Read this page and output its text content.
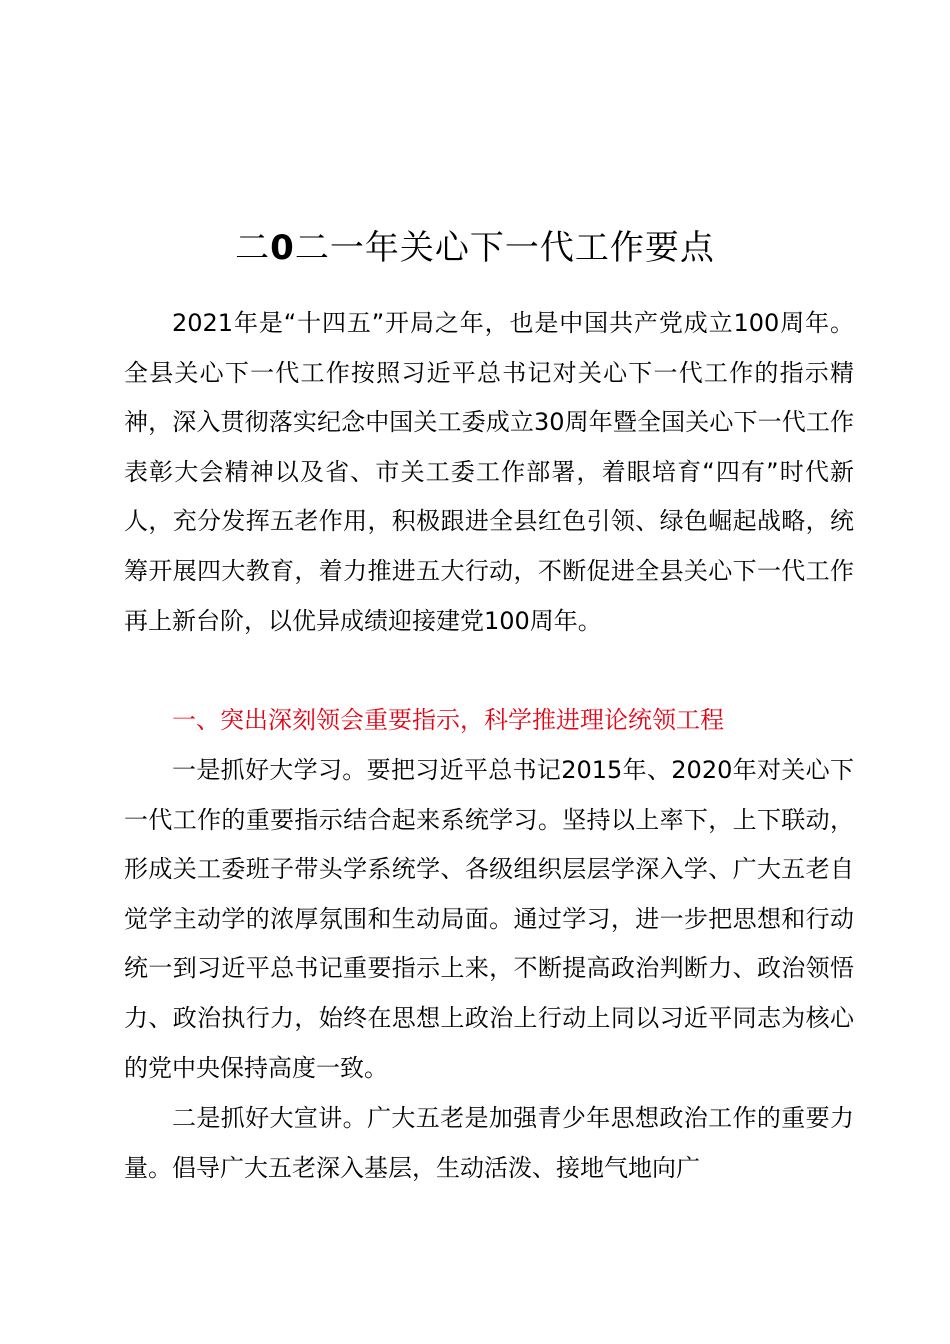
二0二一年关心下一代工作要点

2021年是“十四五”开局之年，也是中国共产党成立100周年。全县关心下一代工作按照习近平总书记对关心下一代工作的指示精神，深入贯彻落实纪念中国关工委成立30周年暨全国关心下一代工作表彰大会精神以及省、市关工委工作部署，着眼培育“四有”时代新人，充分发挥五老作用，积极跟进全县红色引领、绿色崛起战略，统筹开展四大教育，着力推进五大行动，不断促进全县关心下一代工作再上新台阶，以优异成绩迎接建党100周年。

一、突出深刻领会重要指示，科学推进理论统领工程

一是抓好大学习。要把习近平总书记2015年、2020年对关心下一代工作的重要指示结合起来系统学习。坚持以上率下，上下联动，形成关工委班子带头学系统学、各级组织层层学深入学、广大五老自觉学主动学的浓厚氛围和生动局面。通过学习，进一步把思想和行动统一到习近平总书记重要指示上来，不断提高政治判断力、政治领悟力、政治执行力，始终在思想上政治上行动上同以习近平同志为核心的党中央保持高度一致。

二是抓好大宣讲。广大五老是加强青少年思想政治工作的重要力量。倡导广大五老深入基层，生动活泼、接地气地向广
